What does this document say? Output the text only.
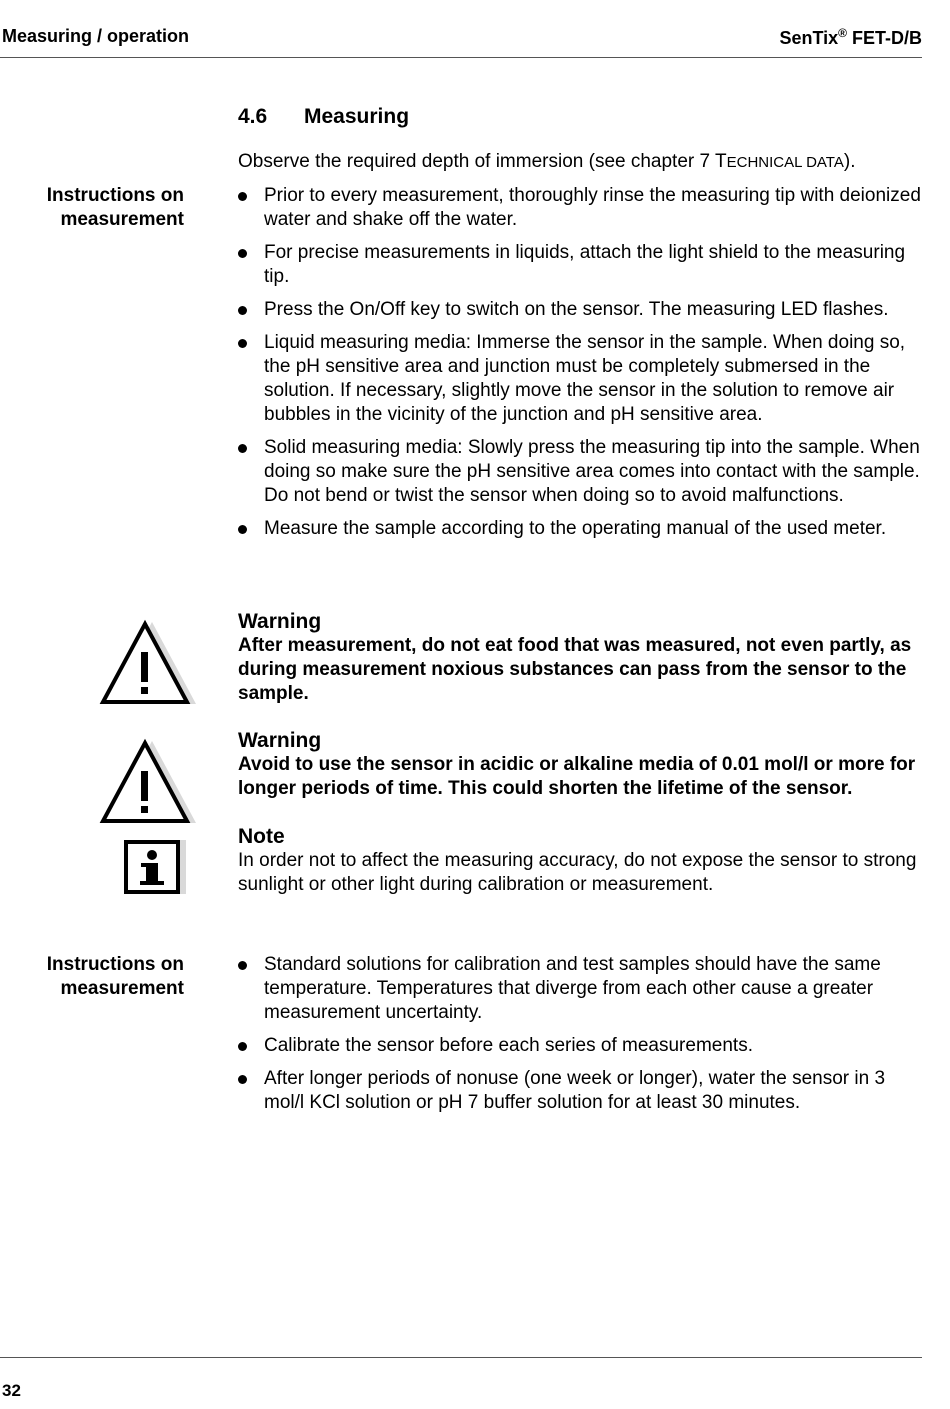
Measuring / operation	SenTix® FET-D/B
4.6 Measuring
Observe the required depth of immersion (see chapter 7 TECHNICAL DATA).
Instructions on
measurement
Prior to every measurement, thoroughly rinse the measuring tip with deionized water and shake off the water.
For precise measurements in liquids, attach the light shield to the measuring tip.
Press the On/Off key to switch on the sensor. The measuring LED flashes.
Liquid measuring media: Immerse the sensor in the sample. When doing so, the pH sensitive area and junction must be completely submersed in the solution. If necessary, slightly move the sensor in the solution to remove air bubbles in the vicinity of the junction and pH sensitive area.
Solid measuring media: Slowly press the measuring tip into the sample. When doing so make sure the pH sensitive area comes into contact with the sample. Do not bend or twist the sensor when doing so to avoid malfunctions.
Measure the sample according to the operating manual of the used meter.
Warning
After measurement, do not eat food that was measured, not even partly, as during measurement noxious substances can pass from the sensor to the sample.
Warning
Avoid to use the sensor in acidic or alkaline media of 0.01 mol/l or more for longer periods of time. This could shorten the lifetime of the sensor.
Note
In order not to affect the measuring accuracy, do not expose the sensor to strong sunlight or other light during calibration or measurement.
Instructions on
measurement
Standard solutions for calibration and test samples should have the same temperature. Temperatures that diverge from each other cause a greater measurement uncertainty.
Calibrate the sensor before each series of measurements.
After longer periods of nonuse (one week or longer), water the sensor in 3 mol/l KCl solution or pH 7 buffer solution for at least 30 minutes.
32
